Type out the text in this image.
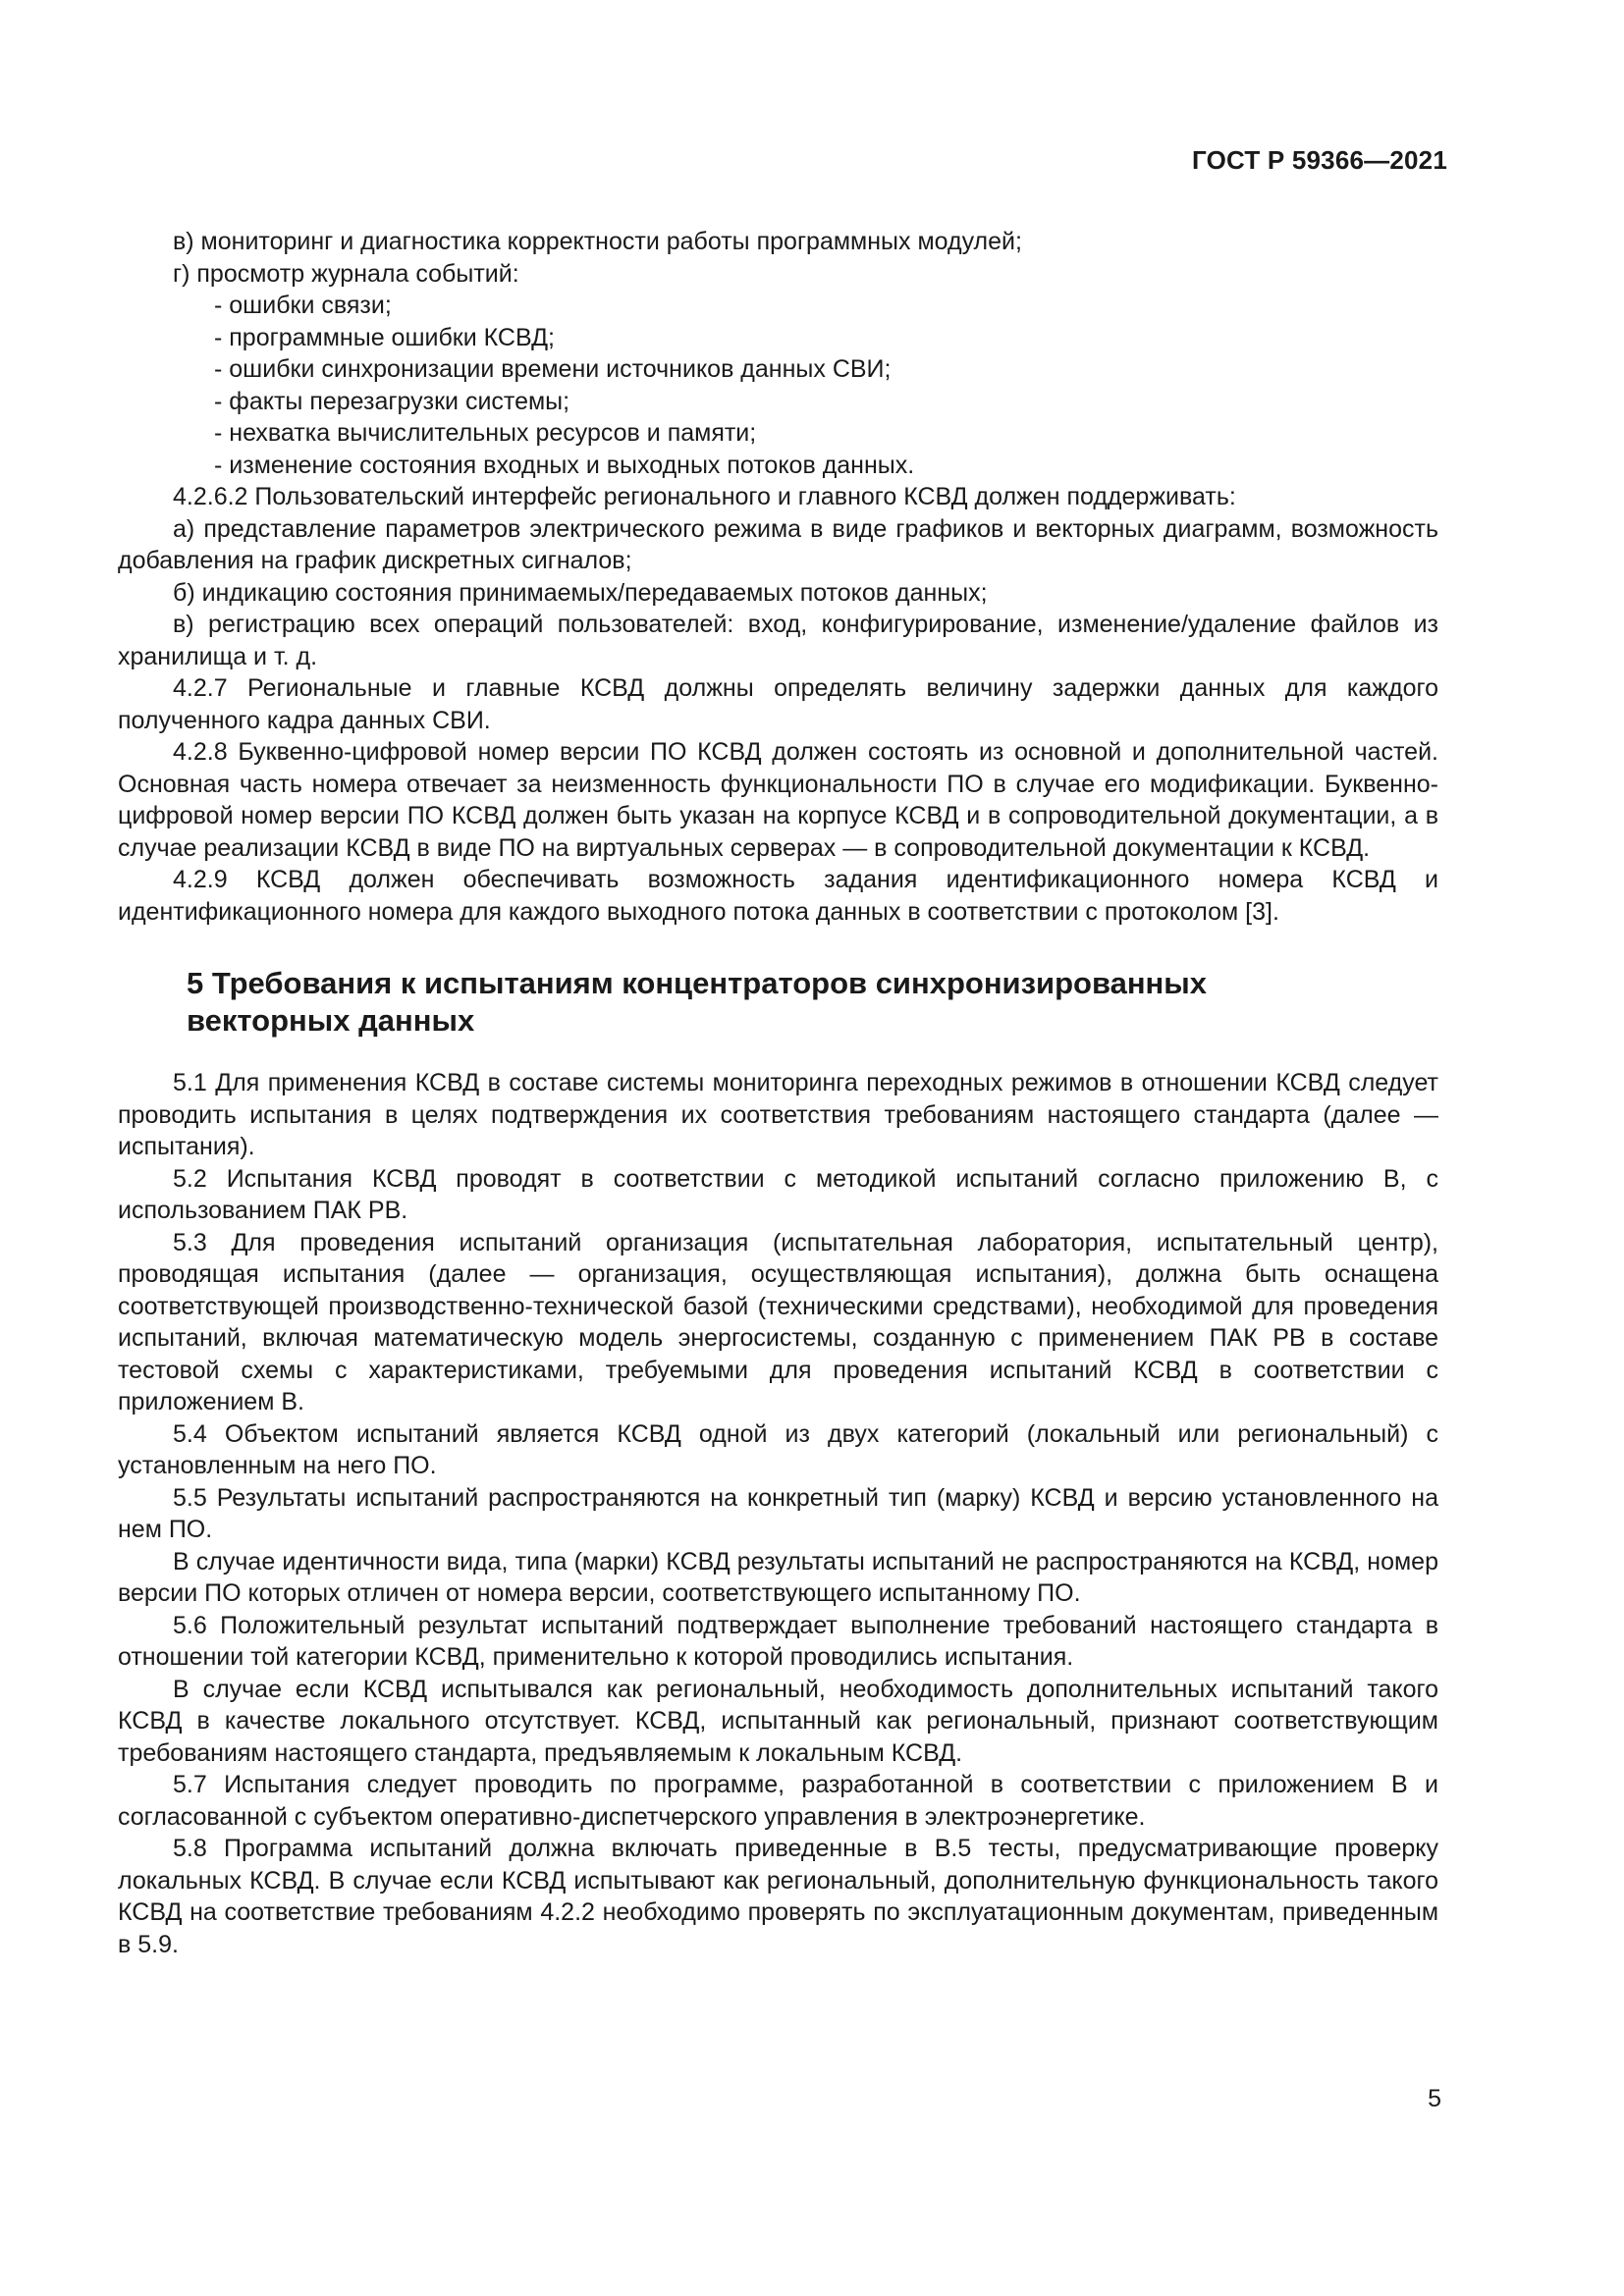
ГОСТ Р 59366—2021

в) мониторинг и диагностика корректности работы программных модулей;

г) просмотр журнала событий:

- ошибки связи;

- программные ошибки КСВД;

- ошибки синхронизации времени источников данных СВИ;

- факты перезагрузки системы;

- нехватка вычислительных ресурсов и памяти;

- изменение состояния входных и выходных потоков данных.

4.2.6.2 Пользовательский интерфейс регионального и главного КСВД должен поддерживать:

а) представление параметров электрического режима в виде графиков и векторных диаграмм, возможность добавления на график дискретных сигналов;

б) индикацию состояния принимаемых/передаваемых потоков данных;

в) регистрацию всех операций пользователей: вход, конфигурирование, изменение/удаление файлов из хранилища и т. д.

4.2.7 Региональные и главные КСВД должны определять величину задержки данных для каждого полученного кадра данных СВИ.

4.2.8 Буквенно-цифровой номер версии ПО КСВД должен состоять из основной и дополнительной частей. Основная часть номера отвечает за неизменность функциональности ПО в случае его модификации. Буквенно-цифровой номер версии ПО КСВД должен быть указан на корпусе КСВД и в сопроводительной документации, а в случае реализации КСВД в виде ПО на виртуальных серверах — в сопроводительной документации к КСВД.

4.2.9 КСВД должен обеспечивать возможность задания идентификационного номера КСВД и идентификационного номера для каждого выходного потока данных в соответствии с протоколом [3].

5 Требования к испытаниям концентраторов синхронизированных
векторных данных

5.1 Для применения КСВД в составе системы мониторинга переходных режимов в отношении КСВД следует проводить испытания в целях подтверждения их соответствия требованиям настоящего стандарта (далее — испытания).

5.2 Испытания КСВД проводят в соответствии с методикой испытаний согласно приложению В, с использованием ПАК РВ.

5.3 Для проведения испытаний организация (испытательная лаборатория, испытательный центр), проводящая испытания (далее — организация, осуществляющая испытания), должна быть оснащена соответствующей производственно-технической базой (техническими средствами), необходимой для проведения испытаний, включая математическую модель энергосистемы, созданную с применением ПАК РВ в составе тестовой схемы с характеристиками, требуемыми для проведения испытаний КСВД в соответствии с приложением В.

5.4 Объектом испытаний является КСВД одной из двух категорий (локальный или региональный) с установленным на него ПО.

5.5 Результаты испытаний распространяются на конкретный тип (марку) КСВД и версию установленного на нем ПО.

В случае идентичности вида, типа (марки) КСВД результаты испытаний не распространяются на КСВД, номер версии ПО которых отличен от номера версии, соответствующего испытанному ПО.

5.6 Положительный результат испытаний подтверждает выполнение требований настоящего стандарта в отношении той категории КСВД, применительно к которой проводились испытания.

В случае если КСВД испытывался как региональный, необходимость дополнительных испытаний такого КСВД в качестве локального отсутствует. КСВД, испытанный как региональный, признают соответствующим требованиям настоящего стандарта, предъявляемым к локальным КСВД.

5.7 Испытания следует проводить по программе, разработанной в соответствии с приложением В и согласованной с субъектом оперативно-диспетчерского управления в электроэнергетике.

5.8 Программа испытаний должна включать приведенные в В.5 тесты, предусматривающие проверку локальных КСВД. В случае если КСВД испытывают как региональный, дополнительную функциональность такого КСВД на соответствие требованиям 4.2.2 необходимо проверять по эксплуатационным документам, приведенным в 5.9.

5
